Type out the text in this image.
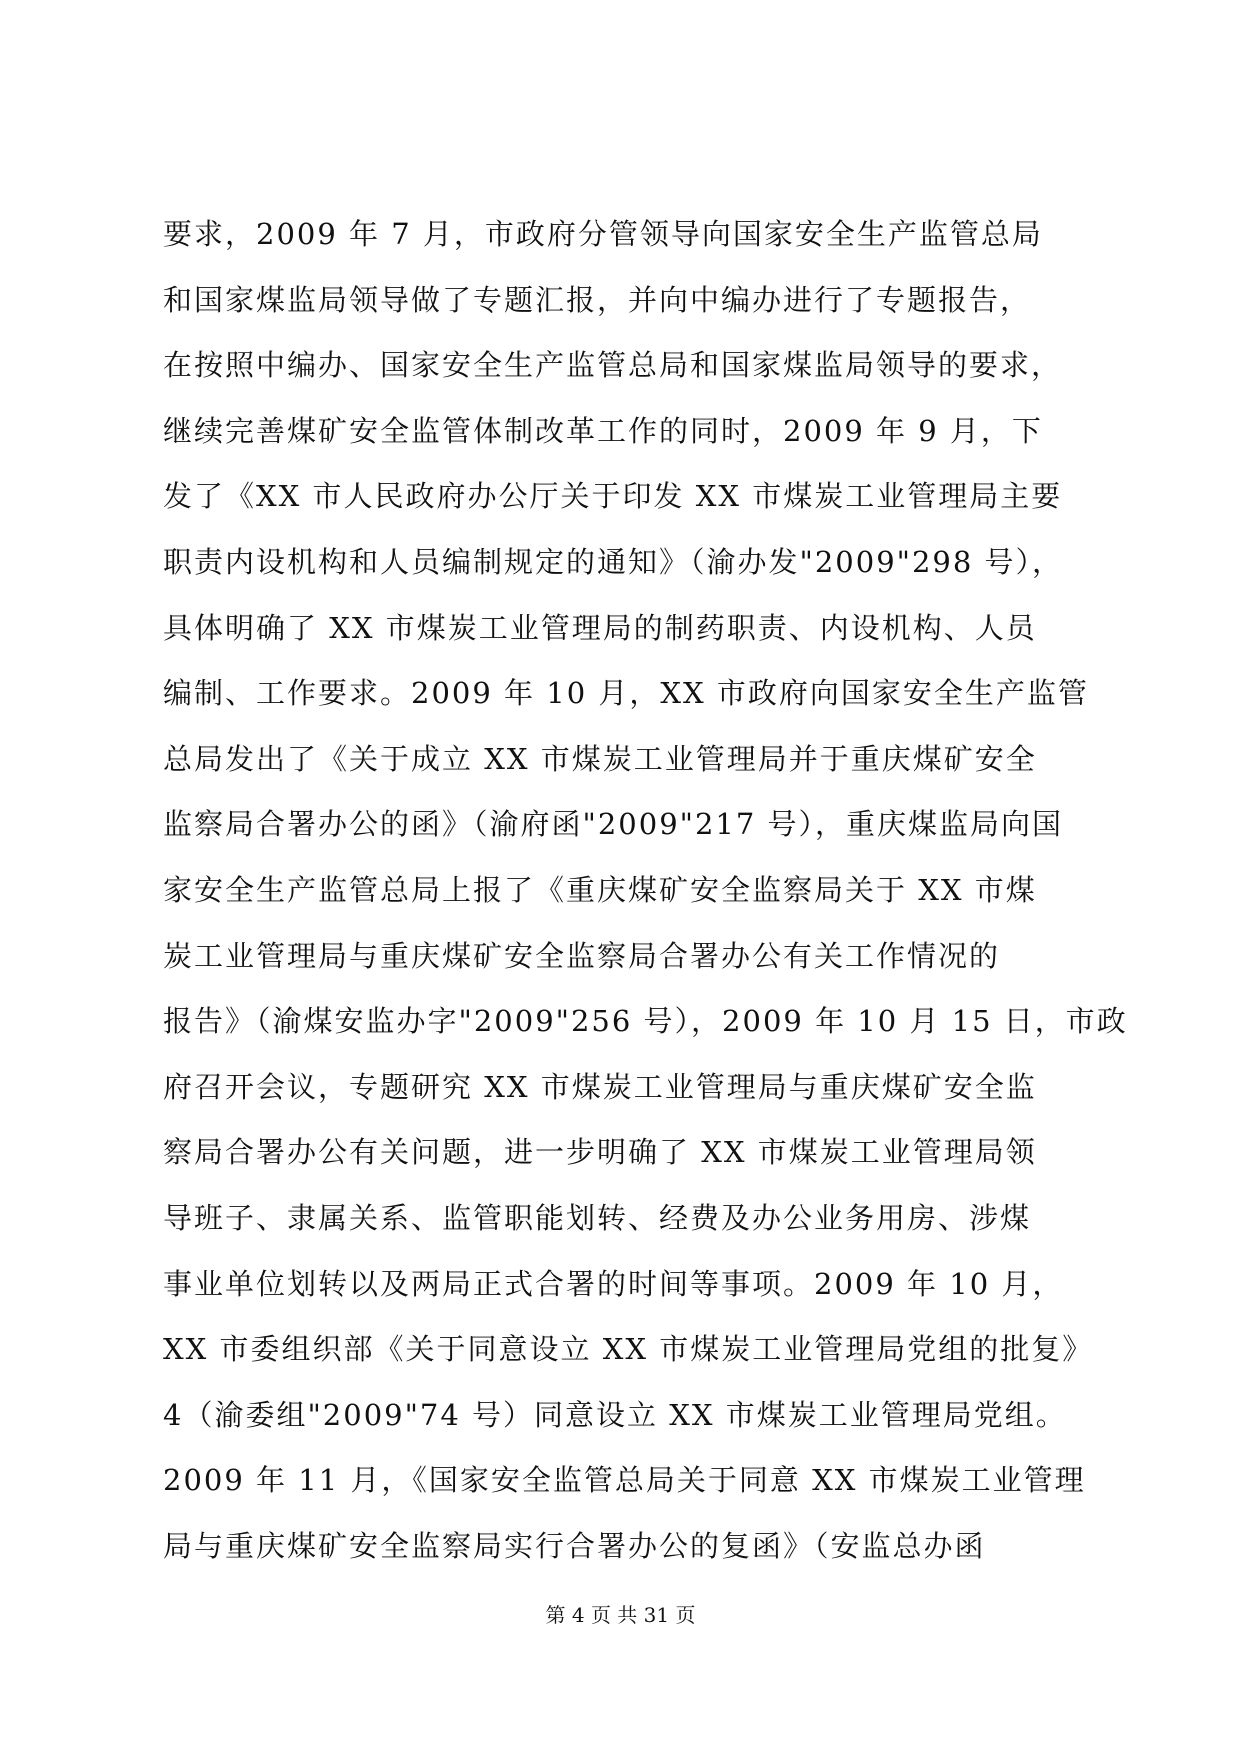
要求，2009 年 7 月，市政府分管领导向国家安全生产监管总局
和国家煤监局领导做了专题汇报，并向中编办进行了专题报告，
在按照中编办、国家安全生产监管总局和国家煤监局领导的要求，
继续完善煤矿安全监管体制改革工作的同时，2009 年 9 月，下
发了《XX 市人民政府办公厅关于印发 XX 市煤炭工业管理局主要
职责内设机构和人员编制规定的通知》（渝办发"2009"298 号），
具体明确了 XX 市煤炭工业管理局的制药职责、内设机构、人员
编制、工作要求。2009 年 10 月，XX 市政府向国家安全生产监管
总局发出了《关于成立 XX 市煤炭工业管理局并于重庆煤矿安全
监察局合署办公的函》（渝府函"2009"217 号），重庆煤监局向国
家安全生产监管总局上报了《重庆煤矿安全监察局关于 XX 市煤
炭工业管理局与重庆煤矿安全监察局合署办公有关工作情况的
报告》（渝煤安监办字"2009"256 号），2009 年 10 月 15 日，市政
府召开会议，专题研究 XX 市煤炭工业管理局与重庆煤矿安全监
察局合署办公有关问题，进一步明确了 XX 市煤炭工业管理局领
导班子、隶属关系、监管职能划转、经费及办公业务用房、涉煤
事业单位划转以及两局正式合署的时间等事项。2009 年 10 月，
XX 市委组织部《关于同意设立 XX 市煤炭工业管理局党组的批复》
4（渝委组"2009"74 号）同意设立 XX 市煤炭工业管理局党组。
2009 年 11 月，《国家安全监管总局关于同意 XX 市煤炭工业管理
局与重庆煤矿安全监察局实行合署办公的复函》（安监总办函
第 4 页 共 31 页
